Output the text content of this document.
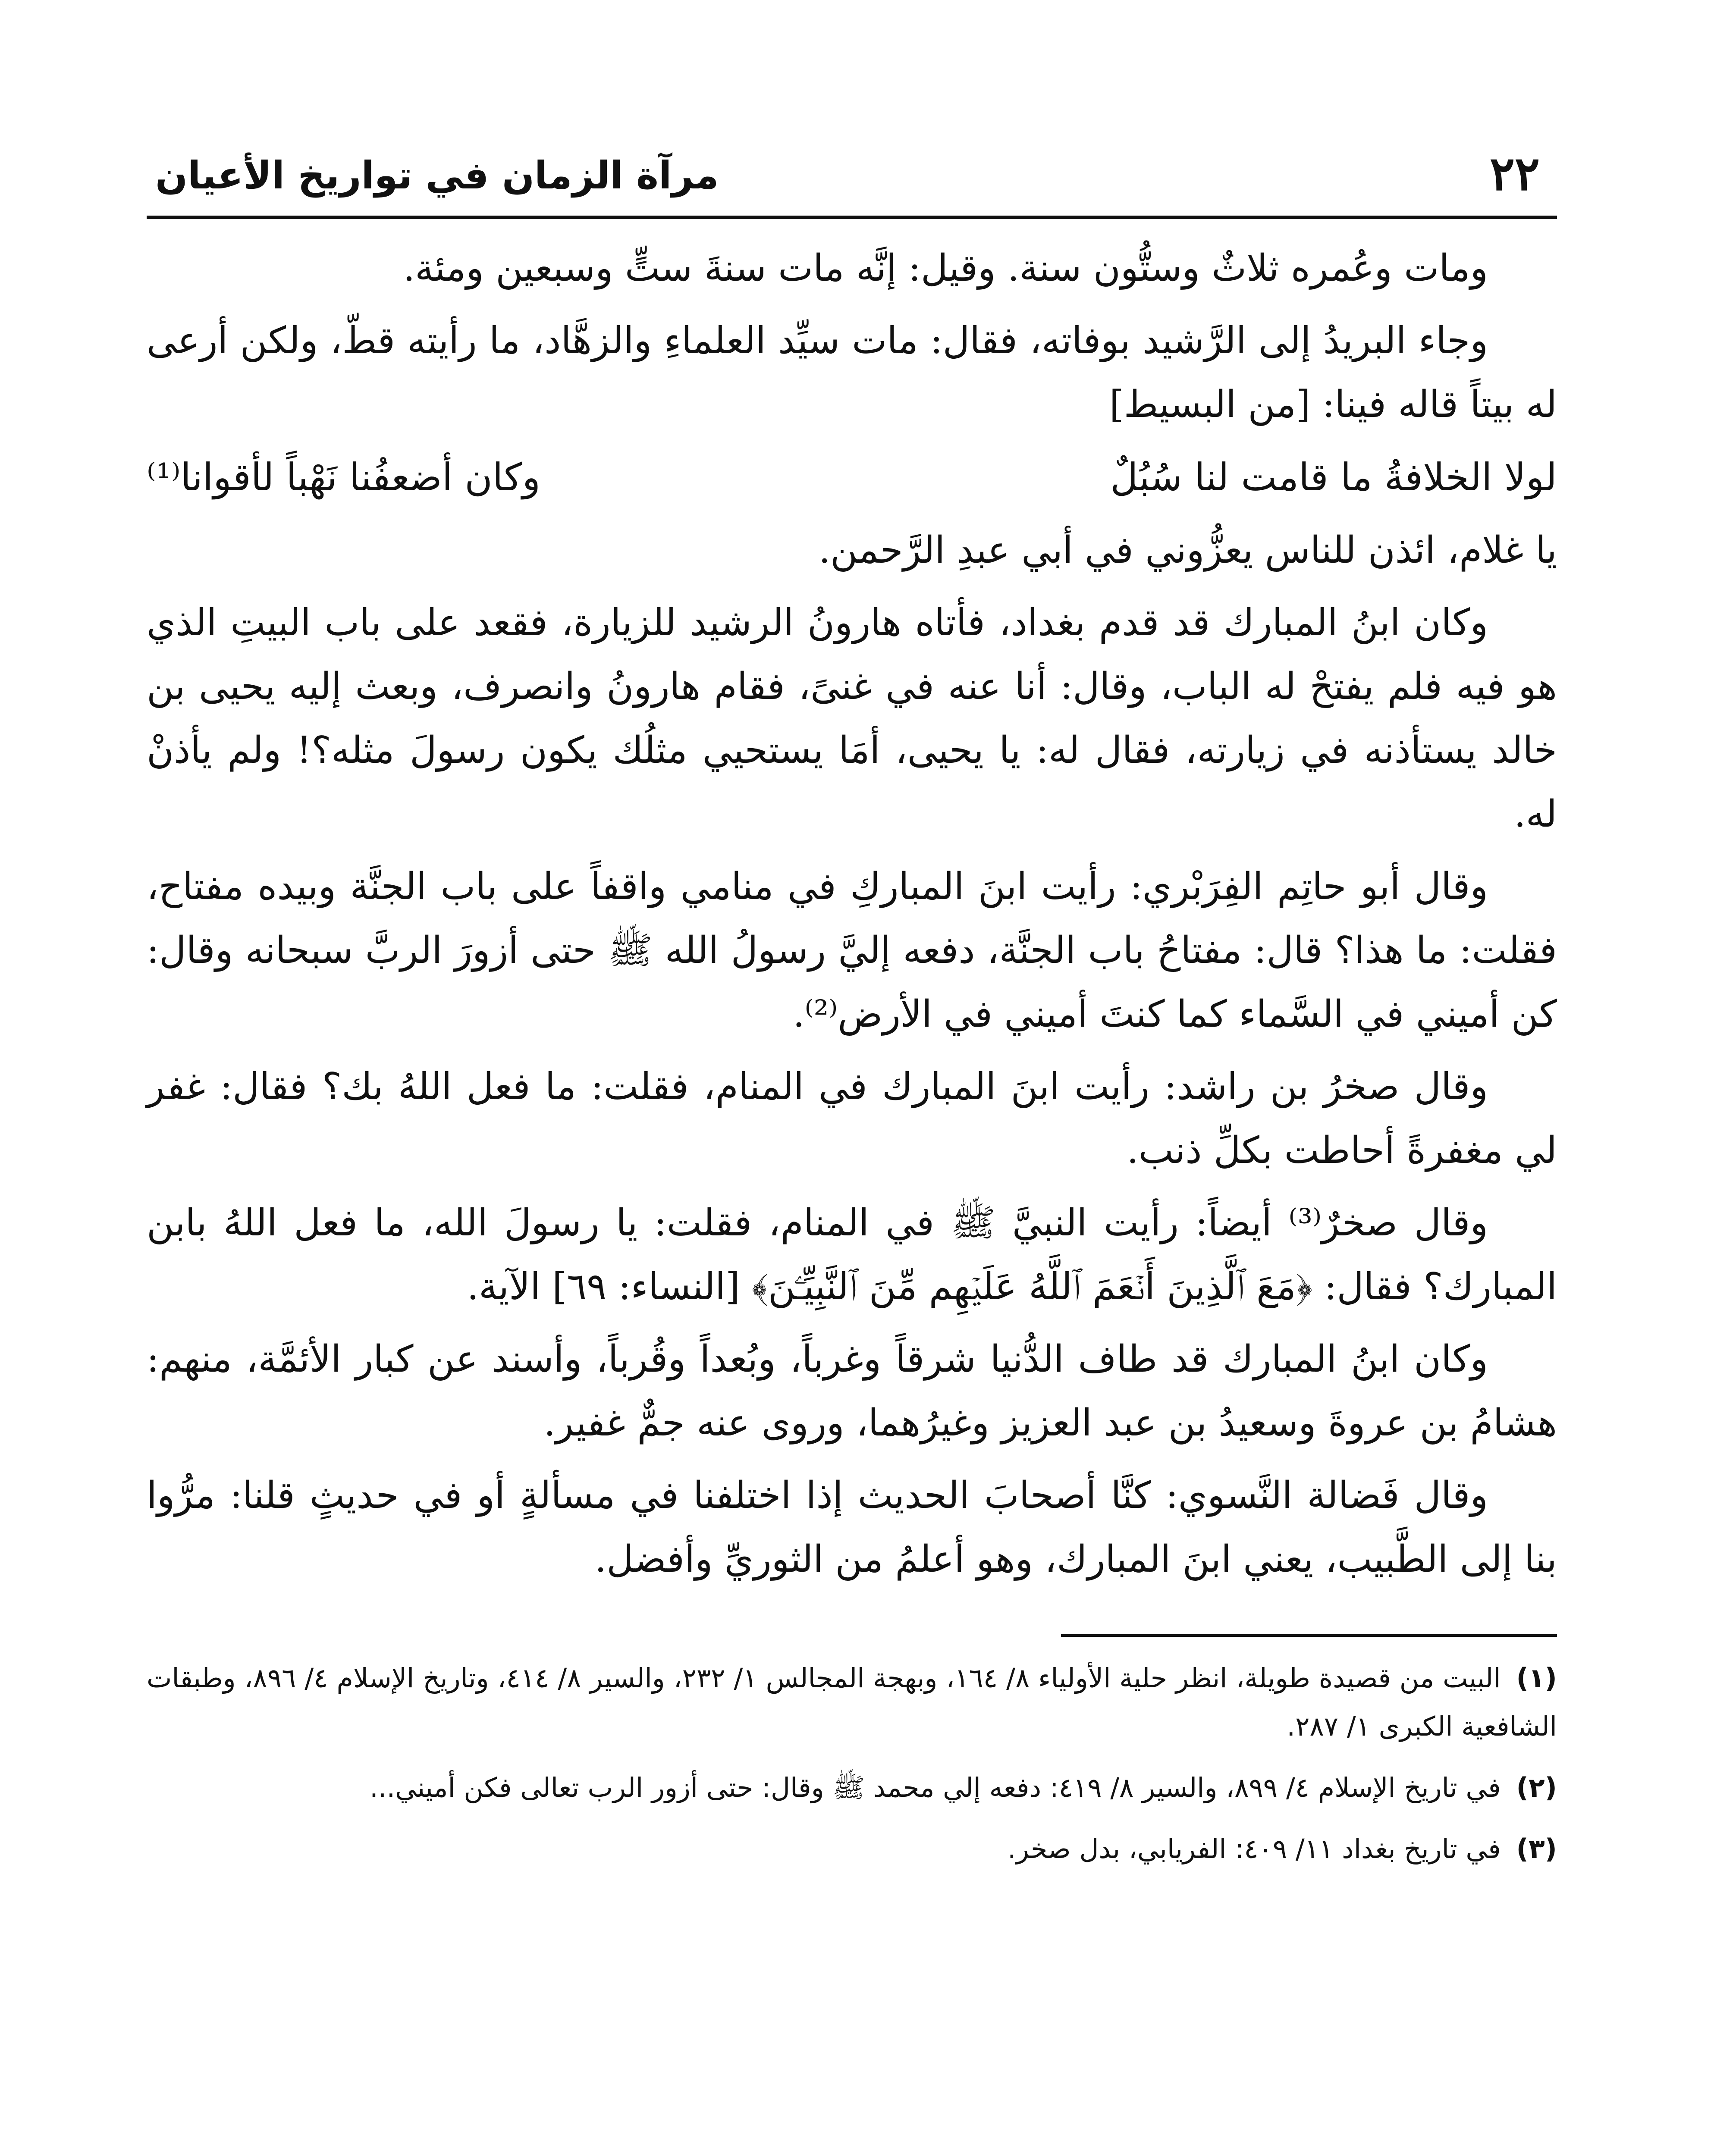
٢٢
مرآة الزمان في تواريخ الأعيان

ومات وعُمره ثلاثٌ وستُّون سنة. وقيل: إنَّه مات سنةَ ستٍّ وسبعين ومئة.

وجاء البريدُ إلى الرَّشيد بوفاته، فقال: مات سيِّد العلماءِ والزهَّاد، ما رأيته قطّ، ولكن أرعى له بيتاً قاله فينا: [من البسيط]

لولا الخلافةُ ما قامت لنا سُبُلٌ
وكان أضعفُنا نَهْباً لأقوانا⁽¹⁾

يا غلام، ائذن للناس يعزُّوني في أبي عبدِ الرَّحمن.

وكان ابنُ المبارك قد قدم بغداد، فأتاه هارونُ الرشيد للزيارة، فقعد على باب البيتِ الذي هو فيه فلم يفتحْ له الباب، وقال: أنا عنه في غنىً، فقام هارونُ وانصرف، وبعث إليه يحيى بن خالد يستأذنه في زيارته، فقال له: يا يحيى، أمَا يستحيي مثلُك يكون رسولَ مثله؟! ولم يأذنْ له.

وقال أبو حاتِم الفِرَبْري: رأيت ابنَ المباركِ في منامي واقفاً على باب الجنَّة وبيده مفتاح، فقلت: ما هذا؟ قال: مفتاحُ باب الجنَّة، دفعه إليَّ رسولُ الله ﷺ حتى أزورَ الربَّ سبحانه وقال: كن أميني في السَّماء كما كنتَ أميني في الأرض⁽²⁾.

وقال صخرُ بن راشد: رأيت ابنَ المبارك في المنام، فقلت: ما فعل اللهُ بك؟ فقال: غفر لي مغفرةً أحاطت بكلِّ ذنب.

وقال صخرٌ⁽³⁾ أيضاً: رأيت النبيَّ ﷺ في المنام، فقلت: يا رسولَ الله، ما فعل اللهُ بابن المبارك؟ فقال: ﴿مَعَ ٱلَّذِينَ أَنۡعَمَ ٱللَّهُ عَلَيۡهِم مِّنَ ٱلنَّبِيِّـۧنَ﴾ [النساء: ٦٩] الآية.

وكان ابنُ المبارك قد طاف الدُّنيا شرقاً وغرباً، وبُعداً وقُرباً، وأسند عن كبار الأئمَّة، منهم: هشامُ بن عروةَ وسعيدُ بن عبد العزيز وغيرُهما، وروى عنه جمٌّ غفير.

وقال فَضالة النَّسوي: كنَّا أصحابَ الحديث إذا اختلفنا في مسألةٍ أو في حديثٍ قلنا: مرُّوا بنا إلى الطَّبيب، يعني ابنَ المبارك، وهو أعلمُ من الثوريِّ وأفضل.

(١) البيت من قصيدة طويلة، انظر حلية الأولياء ٨/ ١٦٤، وبهجة المجالس ١/ ٢٣٢، والسير ٨/ ٤١٤، وتاريخ الإسلام ٤/ ٨٩٦، وطبقات الشافعية الكبرى ١/ ٢٨٧.
(٢) في تاريخ الإسلام ٤/ ٨٩٩، والسير ٨/ ٤١٩: دفعه إلي محمد ﷺ وقال: حتى أزور الرب تعالى فكن أميني...
(٣) في تاريخ بغداد ١١/ ٤٠٩: الفريابي، بدل صخر.
